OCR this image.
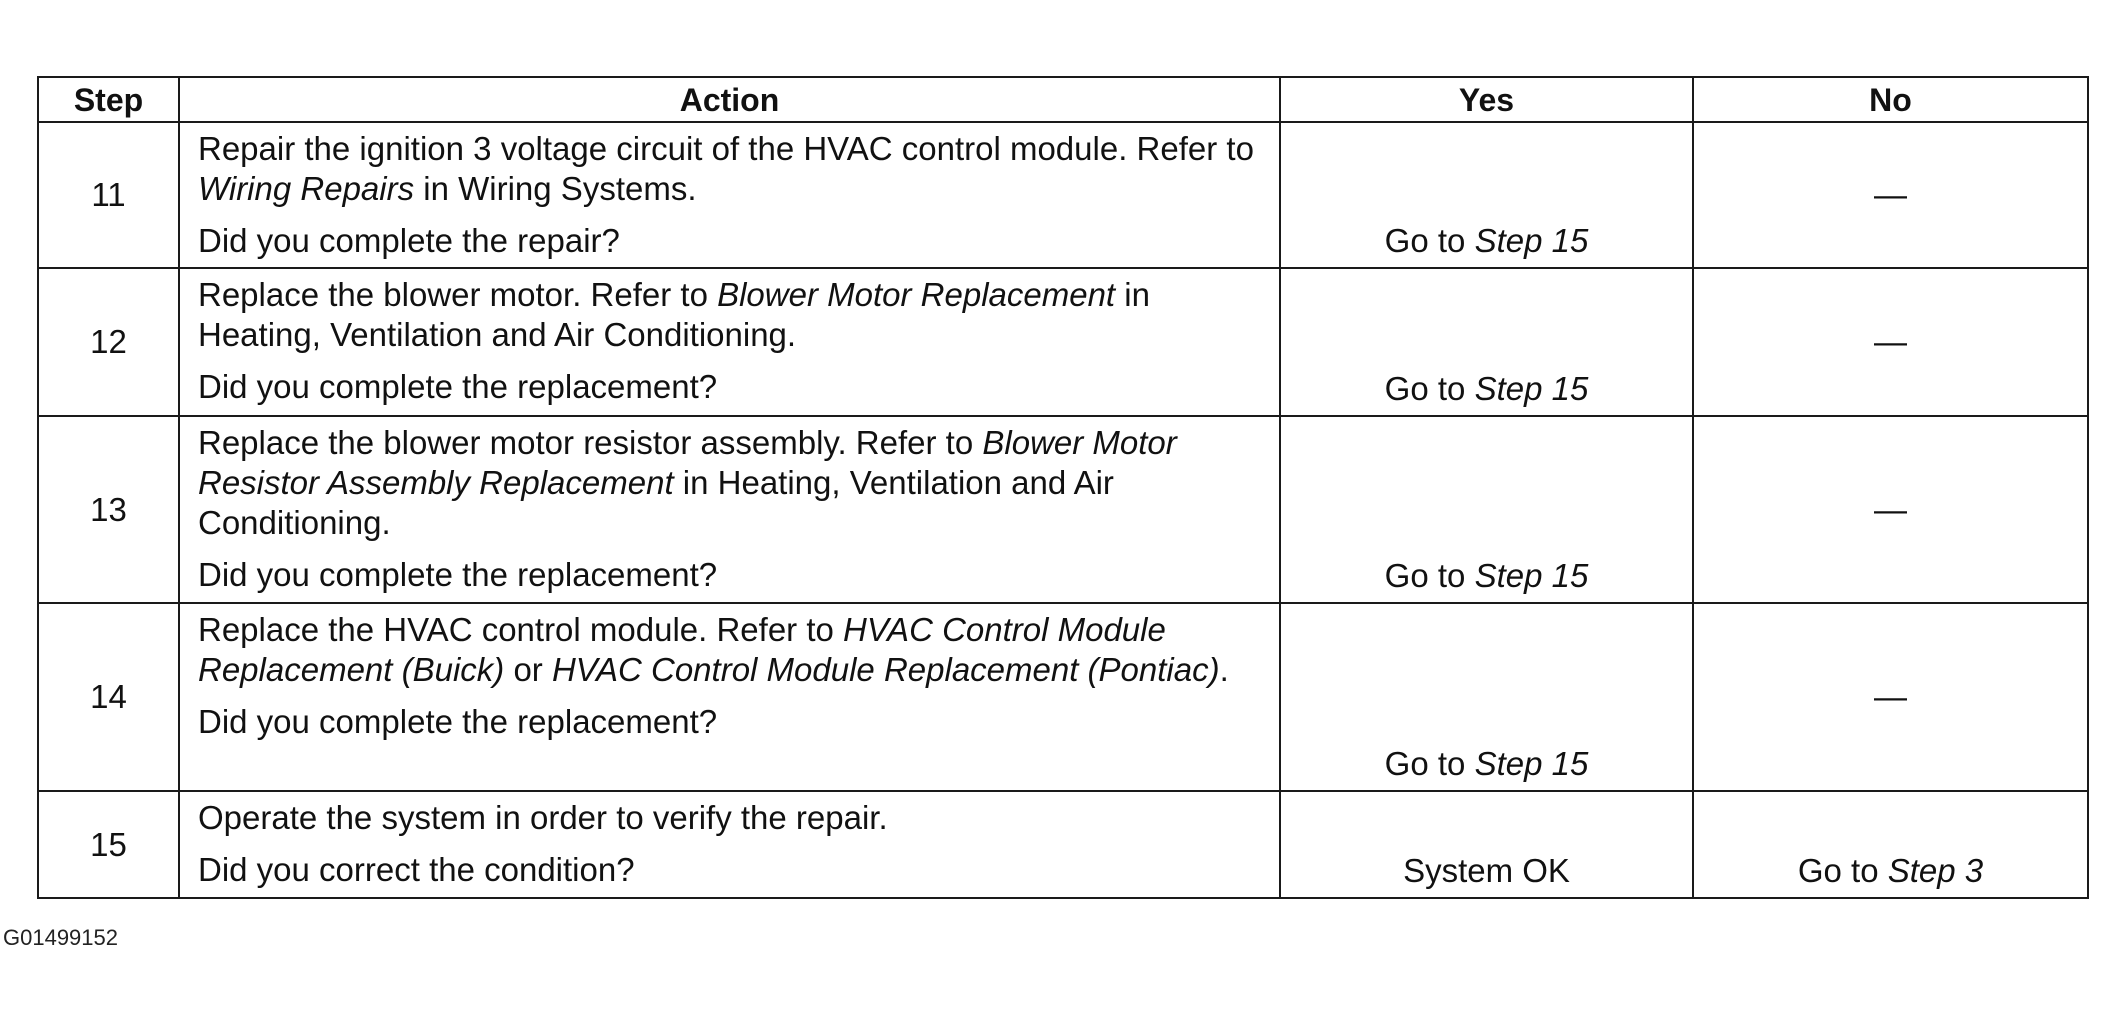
Step	Action	Yes	No
11	Repair the ignition 3 voltage circuit of the HVAC control module. Refer to Wiring Repairs in Wiring Systems.
Did you complete the repair?	Go to Step 15	—

12	Replace the blower motor. Refer to Blower Motor Replacement in Heating, Ventilation and Air Conditioning.
Did you complete the replacement?	Go to Step 15	—

13	Replace the blower motor resistor assembly. Refer to Blower Motor Resistor Assembly Replacement in Heating, Ventilation and Air Conditioning.
Did you complete the replacement?	Go to Step 15	—

14	Replace the HVAC control module. Refer to HVAC Control Module Replacement (Buick) or HVAC Control Module Replacement (Pontiac).
Did you complete the replacement?	Go to Step 15	—

15	Operate the system in order to verify the repair.
Did you correct the condition?	System OK	Go to Step 3
G01499152
